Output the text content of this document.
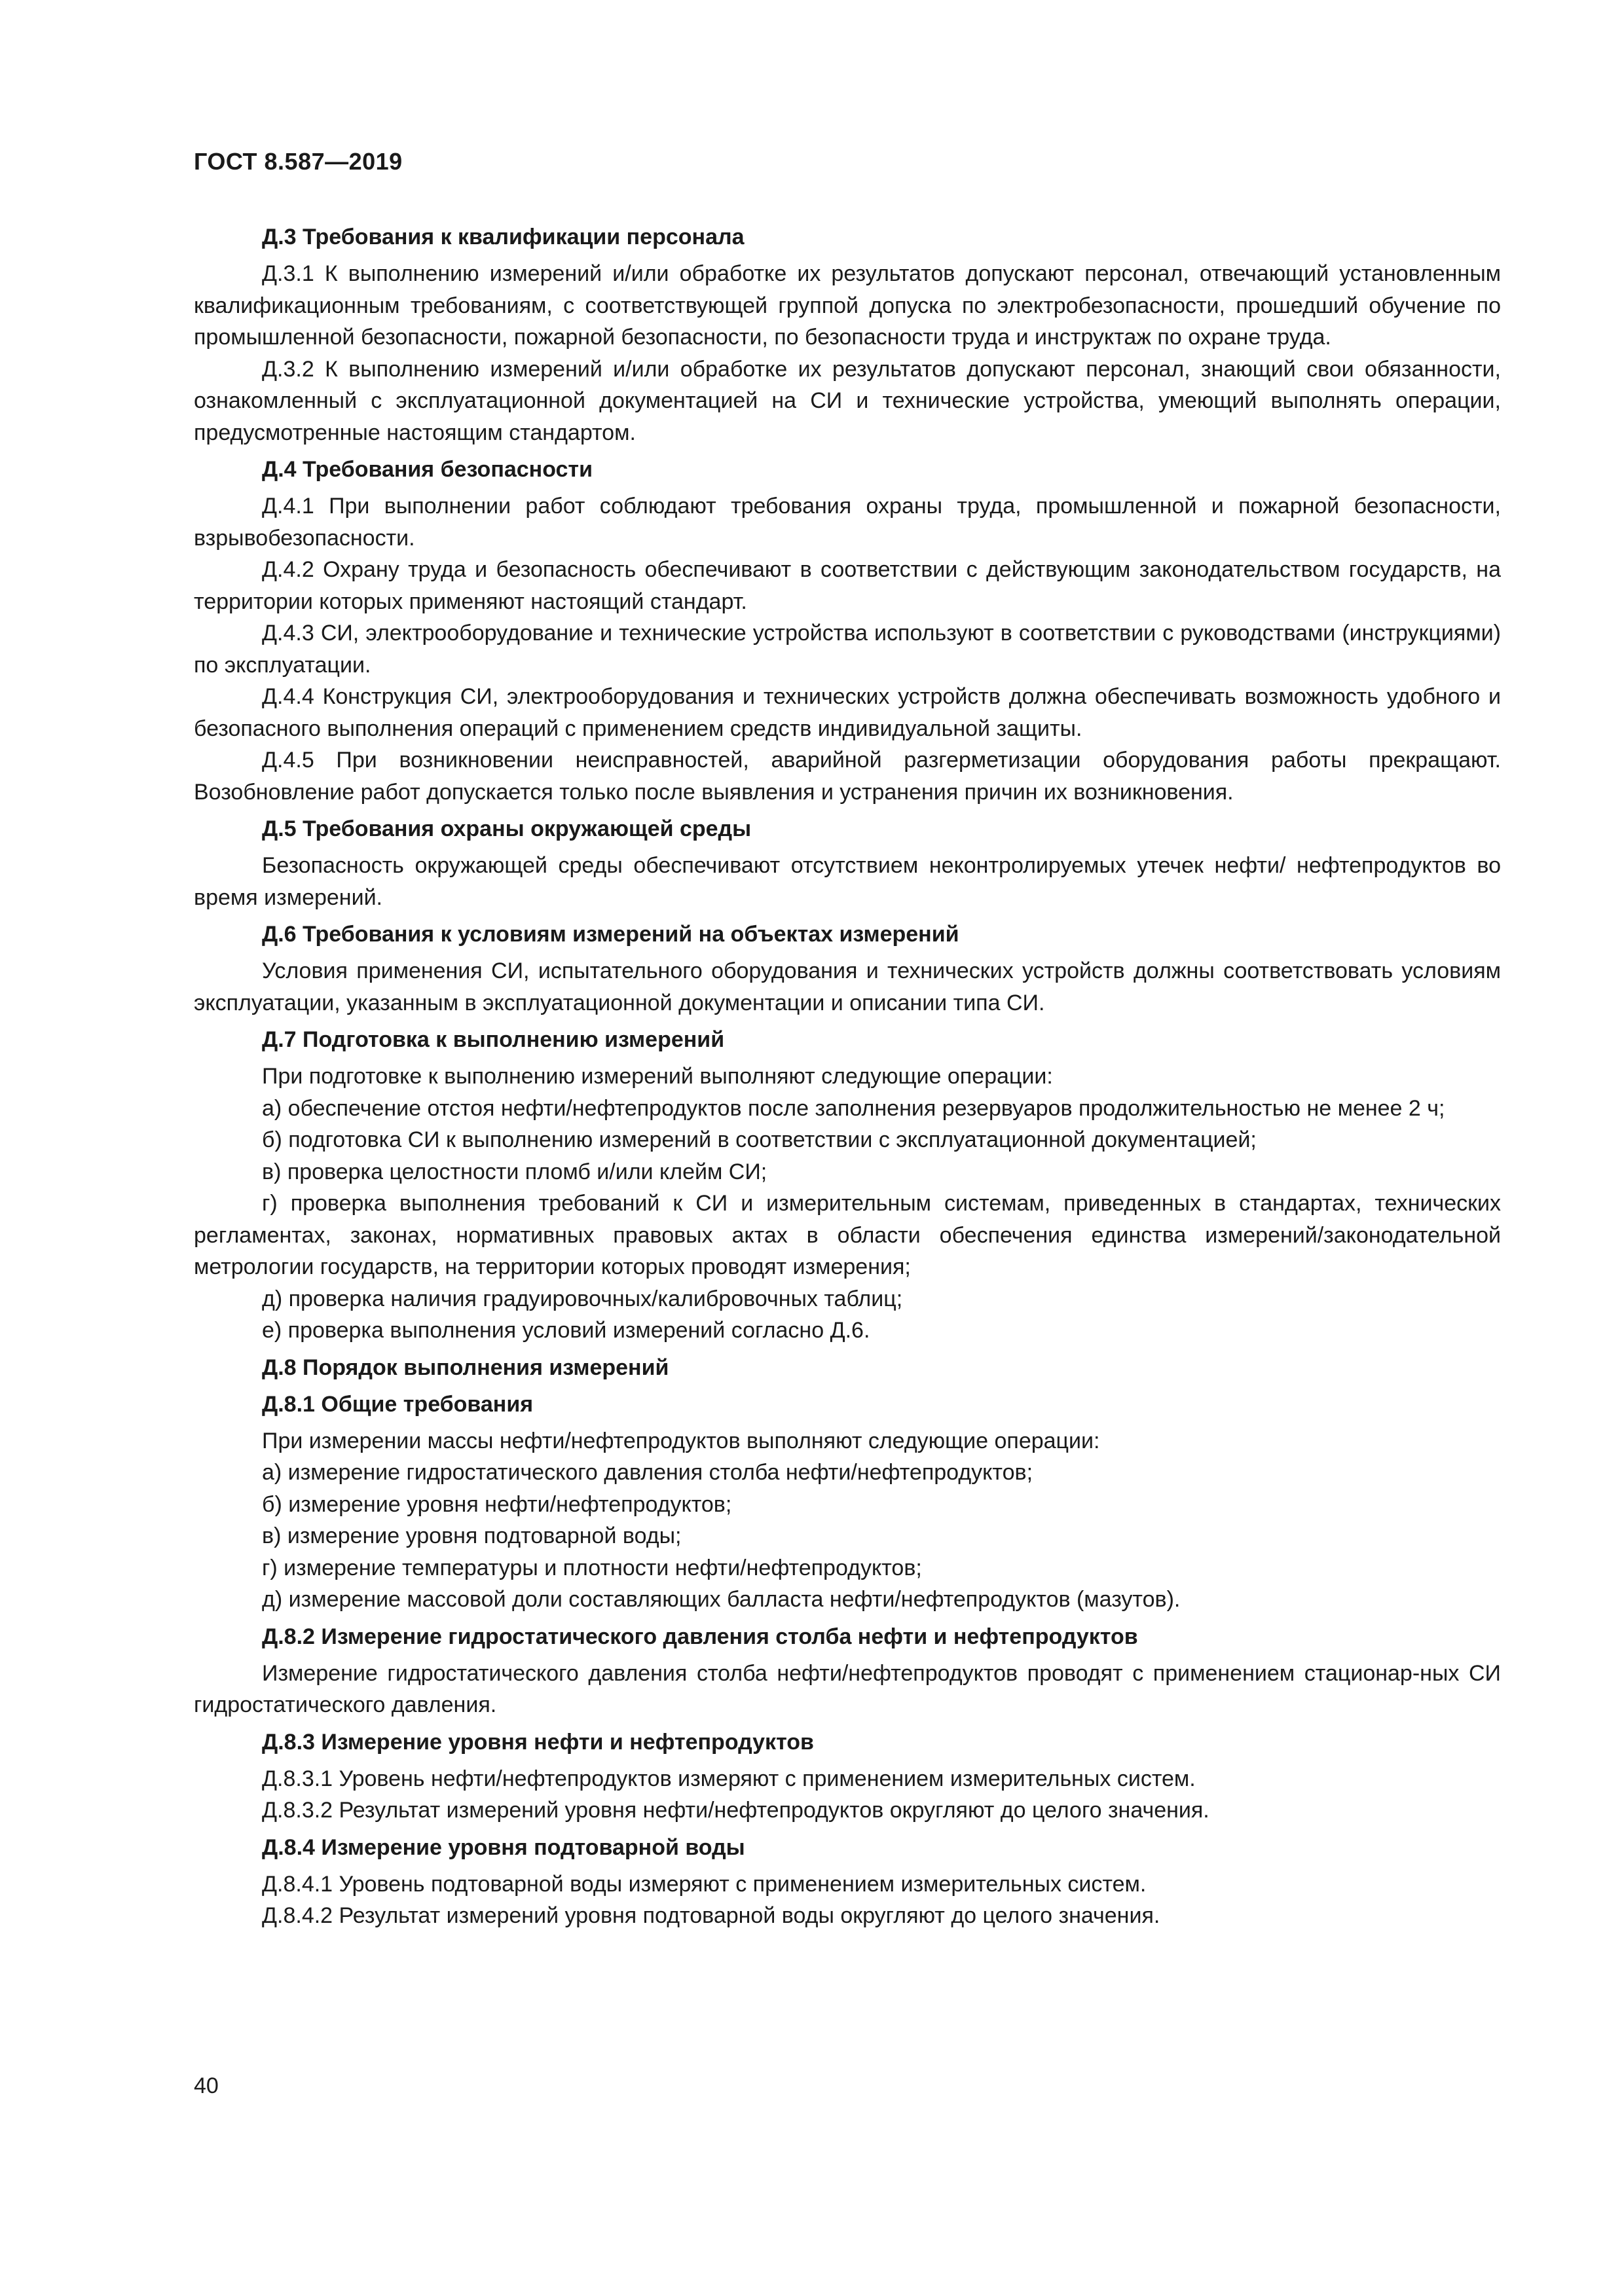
ГОСТ 8.587—2019
Д.3 Требования к квалификации персонала

Д.3.1 К выполнению измерений и/или обработке их результатов допускают персонал, отвечающий установленным квалификационным требованиям, с соответствующей группой допуска по электробезопасности, прошедший обучение по промышленной безопасности, пожарной безопасности, по безопасности труда и инструктаж по охране труда.

Д.3.2 К выполнению измерений и/или обработке их результатов допускают персонал, знающий свои обязанности, ознакомленный с эксплуатационной документацией на СИ и технические устройства, умеющий выполнять операции, предусмотренные настоящим стандартом.

Д.4 Требования безопасности

Д.4.1 При выполнении работ соблюдают требования охраны труда, промышленной и пожарной безопасности, взрывобезопасности.

Д.4.2 Охрану труда и безопасность обеспечивают в соответствии с действующим законодательством государств, на территории которых применяют настоящий стандарт.

Д.4.3 СИ, электрооборудование и технические устройства используют в соответствии с руководствами (инструкциями) по эксплуатации.

Д.4.4 Конструкция СИ, электрооборудования и технических устройств должна обеспечивать возможность удобного и безопасного выполнения операций с применением средств индивидуальной защиты.

Д.4.5 При возникновении неисправностей, аварийной разгерметизации оборудования работы прекращают. Возобновление работ допускается только после выявления и устранения причин их возникновения.

Д.5 Требования охраны окружающей среды

Безопасность окружающей среды обеспечивают отсутствием неконтролируемых утечек нефти/ нефтепродуктов во время измерений.

Д.6 Требования к условиям измерений на объектах измерений

Условия применения СИ, испытательного оборудования и технических устройств должны соответствовать условиям эксплуатации, указанным в эксплуатационной документации и описании типа СИ.

Д.7 Подготовка к выполнению измерений

При подготовке к выполнению измерений выполняют следующие операции:

а) обеспечение отстоя нефти/нефтепродуктов после заполнения резервуаров продолжительностью не менее 2 ч;

б) подготовка СИ к выполнению измерений в соответствии с эксплуатационной документацией;

в) проверка целостности пломб и/или клейм СИ;

г) проверка выполнения требований к СИ и измерительным системам, приведенных в стандартах, технических регламентах, законах, нормативных правовых актах в области обеспечения единства измерений/законодательной метрологии государств, на территории которых проводят измерения;

д) проверка наличия градуировочных/калибровочных таблиц;

е) проверка выполнения условий измерений согласно Д.6.

Д.8 Порядок выполнения измерений
Д.8.1 Общие требования

При измерении массы нефти/нефтепродуктов выполняют следующие операции:

а) измерение гидростатического давления столба нефти/нефтепродуктов;

б) измерение уровня нефти/нефтепродуктов;

в) измерение уровня подтоварной воды;

г) измерение температуры и плотности нефти/нефтепродуктов;

д) измерение массовой доли составляющих балласта нефти/нефтепродуктов (мазутов).

Д.8.2 Измерение гидростатического давления столба нефти и нефтепродуктов

Измерение гидростатического давления столба нефти/нефтепродуктов проводят с применением стационар-ных СИ гидростатического давления.

Д.8.3 Измерение уровня нефти и нефтепродуктов

Д.8.3.1 Уровень нефти/нефтепродуктов измеряют с применением измерительных систем.

Д.8.3.2 Результат измерений уровня нефти/нефтепродуктов округляют до целого значения.

Д.8.4 Измерение уровня подтоварной воды

Д.8.4.1 Уровень подтоварной воды измеряют с применением измерительных систем.

Д.8.4.2 Результат измерений уровня подтоварной воды округляют до целого значения.

40
